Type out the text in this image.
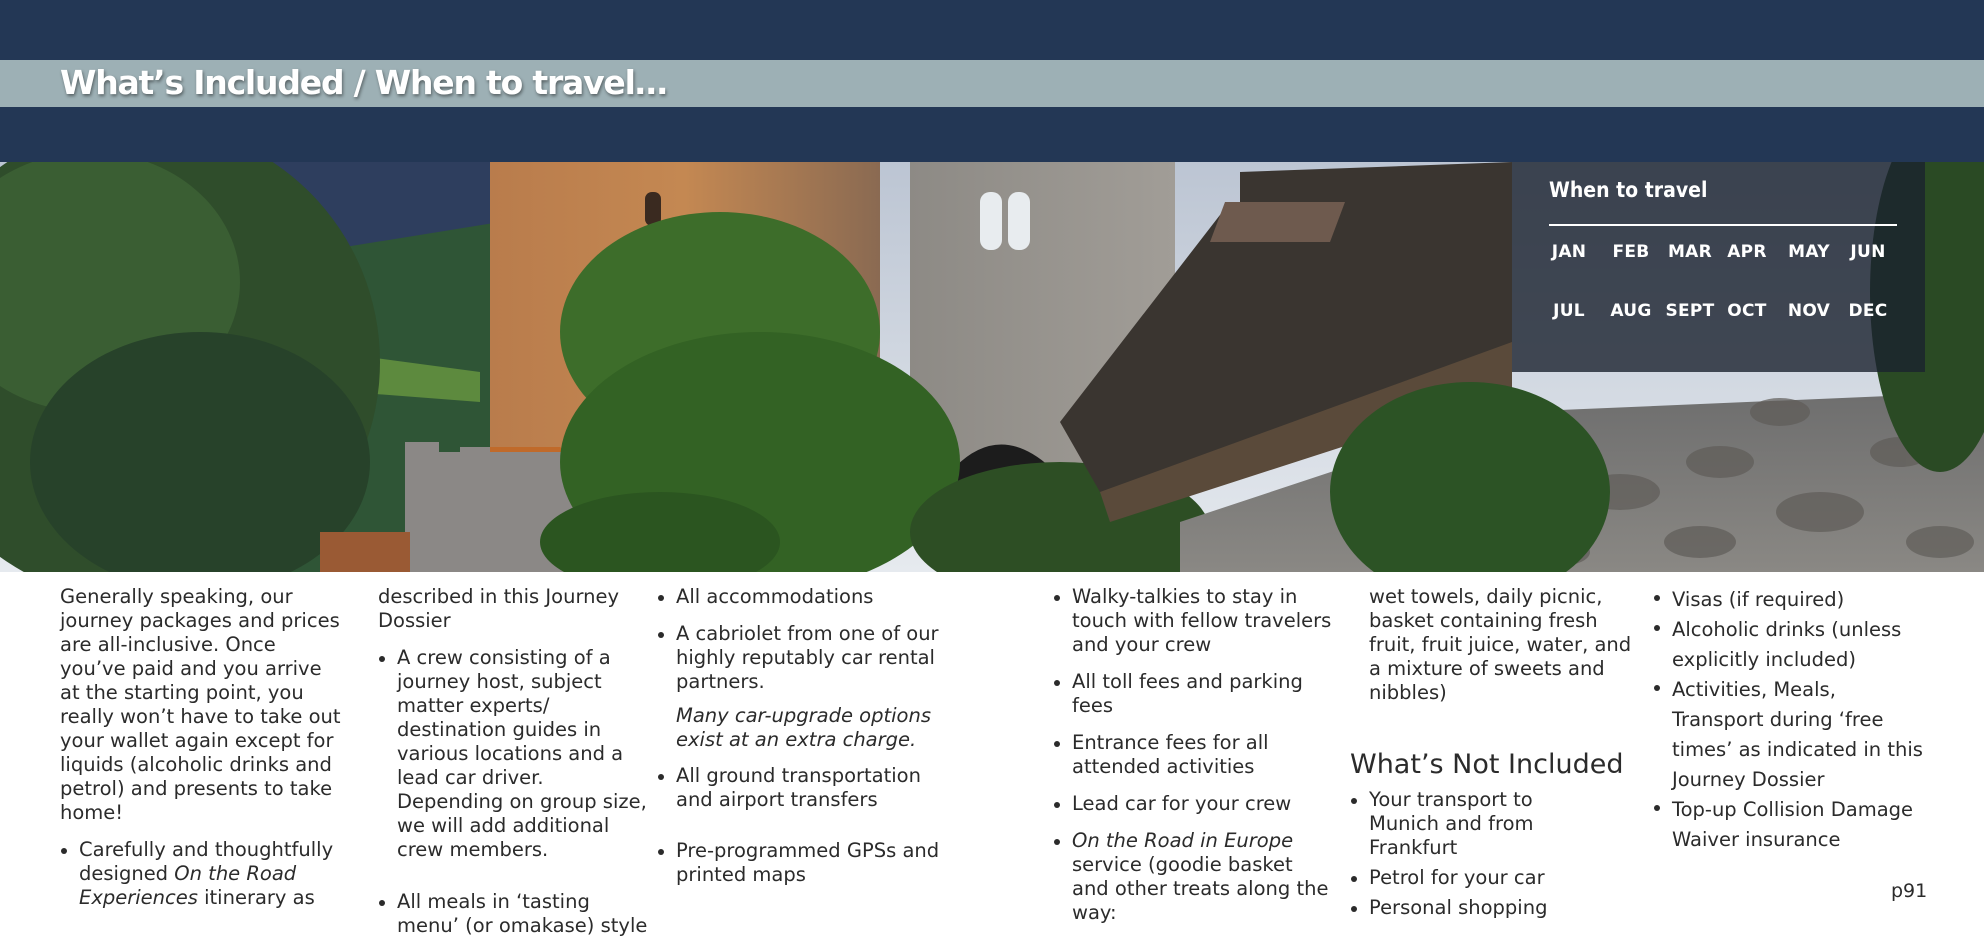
What’s Included / When to travel…
When to travel
JAN	FEB MAR APR MAY	JUN
JUL	AUG SEPT OCT NOV DEC

Generally speaking, our journey packages and prices are all-inclusive. Once you’ve paid and you arrive at the starting point, you really won’t have to take out your wallet again except for liquids (alcoholic drinks and petrol) and presents to take home!

Carefully and thoughtfully designed On the Road Experiences itinerary as

described in this Journey Dossier

A crew consisting of a journey host, subject matter experts/ destination guides in various locations and a lead car driver. Depending on group size, we will add additional crew members.
All meals in ‘tasting menu’ (or omakase) style
All accommodations
A cabriolet from one of our highly reputably car rental partners.
Many car-upgrade options exist at an extra charge.
All ground transportation and airport transfers
Pre-programmed GPSs and printed maps
Walky-talkies to stay in touch with fellow travelers and your crew
All toll fees and parking fees
Entrance fees for all attended activities
Lead car for your crew
On the Road in Europe service (goodie basket and other treats along the way:

wet towels, daily picnic, basket containing fresh fruit, fruit juice, water, and a mixture of sweets and nibbles)

What’s Not Included
Your transport to Munich and from Frankfurt
Petrol for your car
Personal shopping
Visas (if required)
Alcoholic drinks (unless explicitly included)
Activities, Meals, Transport during ‘free times’ as indicated in this Journey Dossier
Top-up Collision Damage Waiver insurance
p91
